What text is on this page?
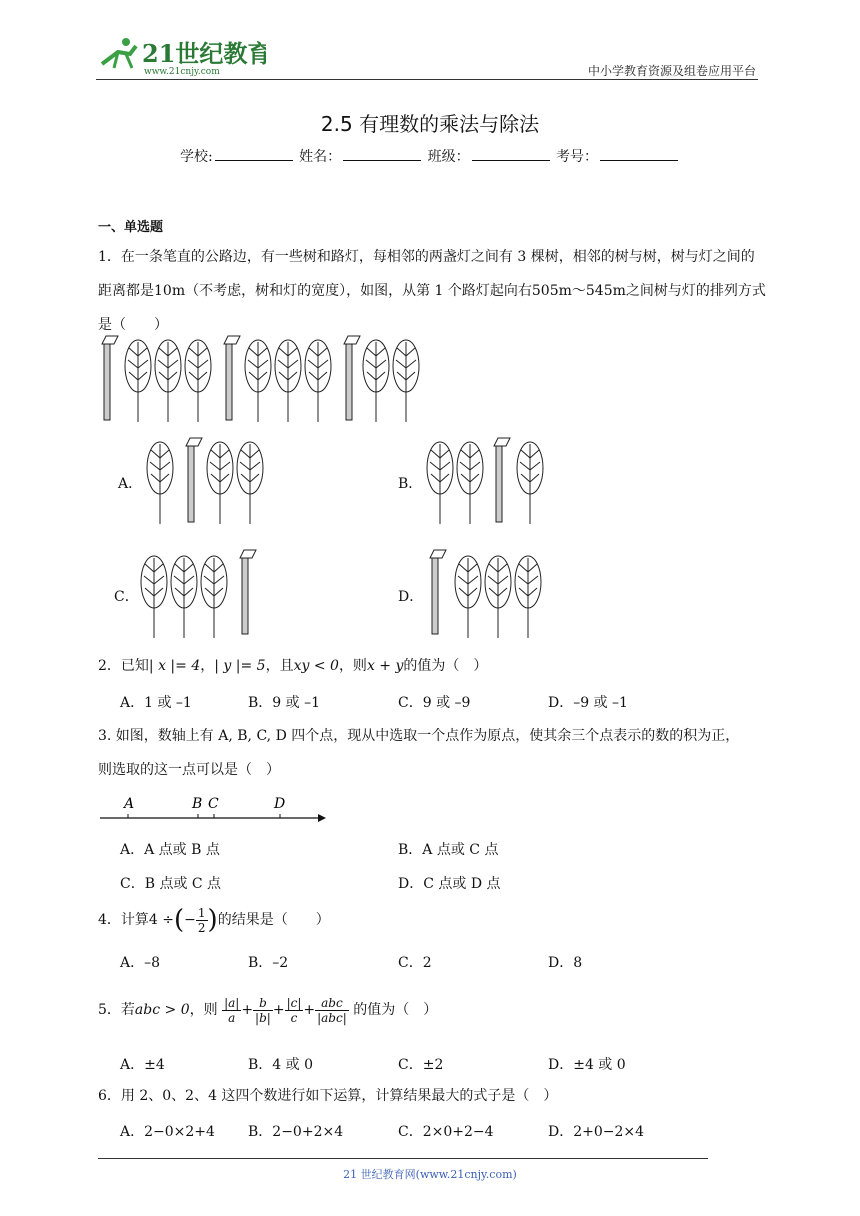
21世纪教育
www.21cnjy.com	中小学教育资源及组卷应用平台
2.5 有理数的乘法与除法
学校:	姓名：	班级：	考号：
一、单选题
1．在一条笔直的公路边，有一些树和路灯，每相邻的两盏灯之间有 3 棵树，相邻的树与树，树与灯之间的距离都是10m（不考虑，树和灯的宽度），如图，从第 1 个路灯起向右505m～545m之间树与灯的排列方式是（　　）
A．	B．
C．	D．
2．已知| x |= 4，| y |= 5，且xy < 0，则x + y的值为（　）
A．1 或 –1	B．9 或 –1	C．9 或 –9	D．–9 或 –1
3. 如图，数轴上有 A, B, C, D 四个点，现从中选取一个点作为原点，使其余三个点表示的数的积为正，
则选取的这一点可以是（　）
A	B C	D
A．A 点或 B 点	B．A 点或 C 点
C．B 点或 C 点	D．C 点或 D 点
4．计算4 ÷(− $\frac{1}{2}$ )的结果是（　　）
A．–8	B．–2	C．2	D．8
5．若abc > 0，则 $\frac{|a|}{a} + \frac{b}{|b|} + \frac{|c|}{c} + \frac{\text{abc}}{\text{|abc|}}$ 的值为（　）
A．±4	B．4 或 0	C．±2	D．±4 或 0
6．用 2、0、2、4 这四个数进行如下运算，计算结果最大的式子是（　）
A．2−0×2+4 B．2−0+2×4	C．2×0+2−4	D．2+0−2×4
21 世纪教育网(www.21cnjy.com)
